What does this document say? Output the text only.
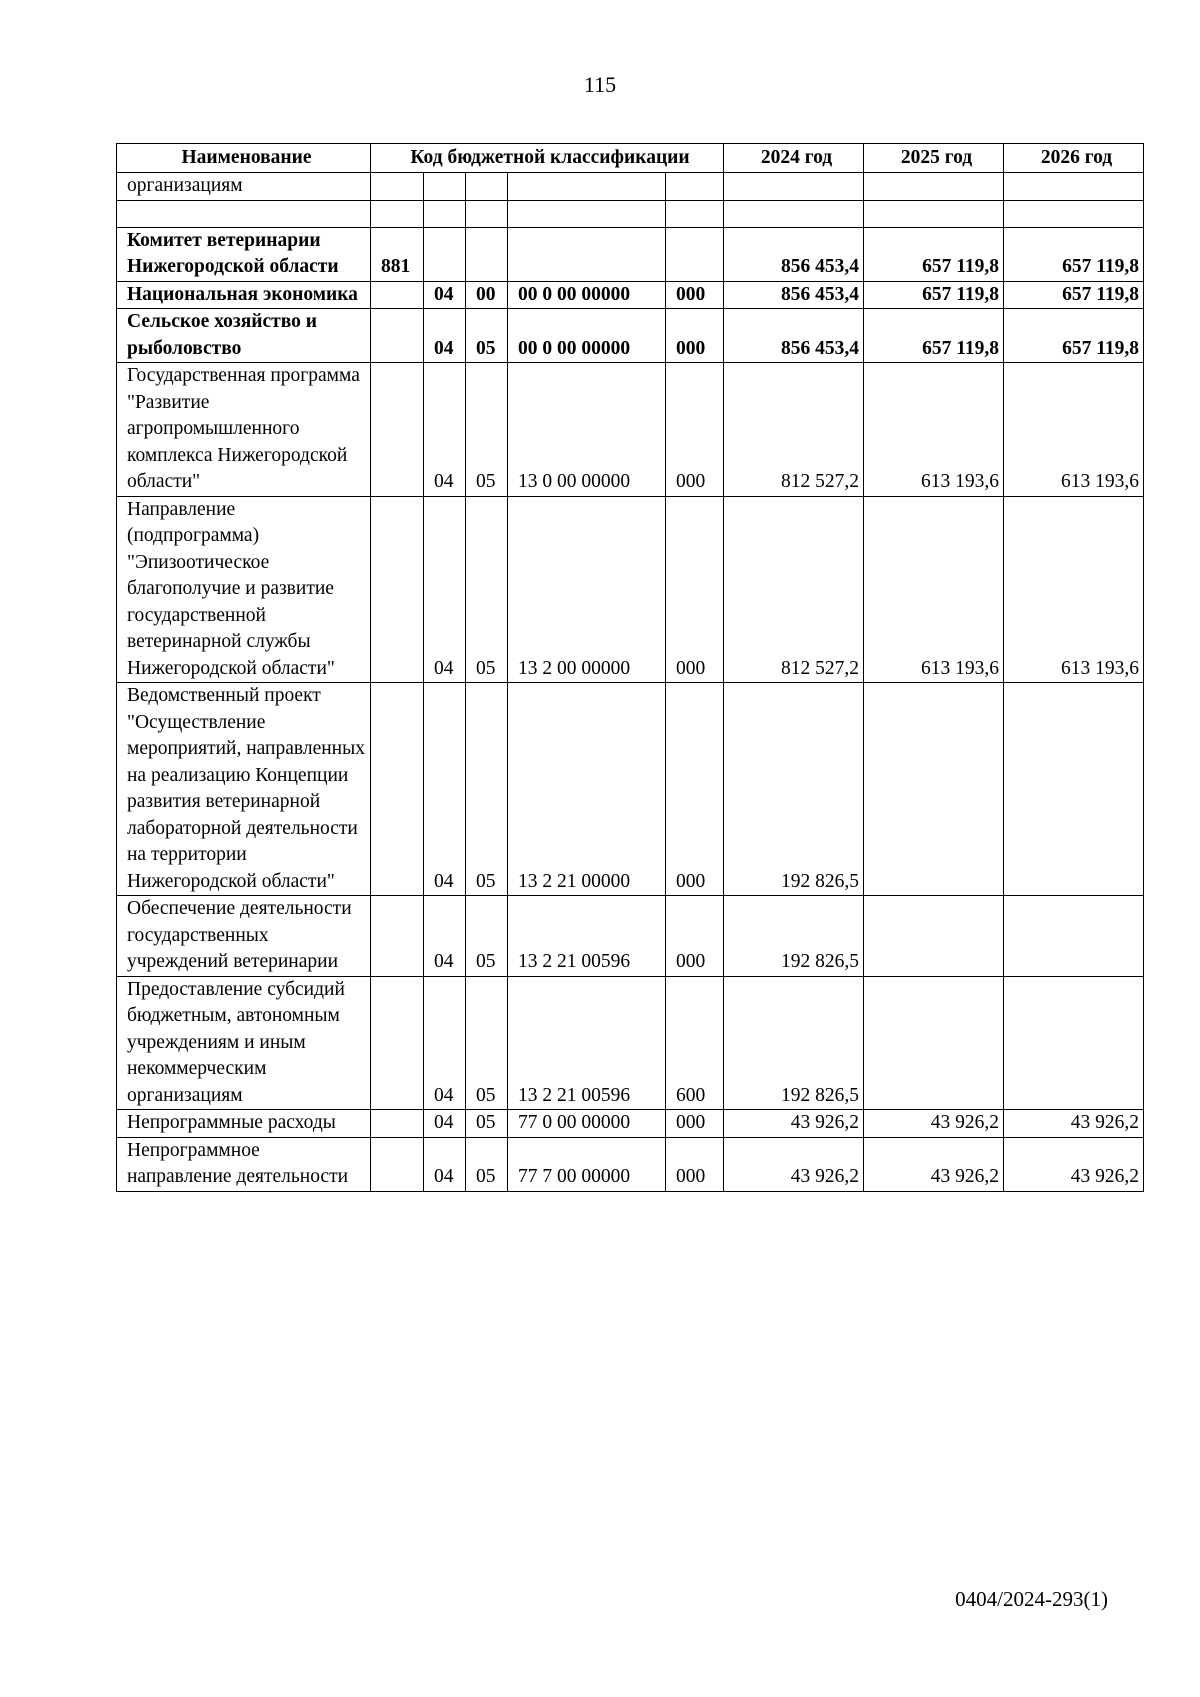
115
Наименование	Код бюджетной классификации					2024 год	2025 год	2026 год
организациям								

Комитет ветеринарии Нижегородской области	881					856 453,4	657 119,8	657 119,8
Национальная экономика		04	00	00 0 00 00000	000	856 453,4	657 119,8	657 119,8
Сельское хозяйство и рыболовство		04	05	00 0 00 00000	000	856 453,4	657 119,8	657 119,8
Государственная программа "Развитие агропромышленного комплекса Нижегородской области"		04	05	13 0 00 00000	000	812 527,2	613 193,6	613 193,6
Направление (подпрограмма) "Эпизоотическое благополучие и развитие государственной ветеринарной службы Нижегородской области"		04	05	13 2 00 00000	000	812 527,2	613 193,6	613 193,6
Ведомственный проект "Осуществление мероприятий, направленных на реализацию Концепции развития ветеринарной лабораторной деятельности на территории Нижегородской области"		04	05	13 2 21 00000	000	192 826,5		
Обеспечение деятельности государственных учреждений ветеринарии		04	05	13 2 21 00596	000	192 826,5		
Предоставление субсидий бюджетным, автономным учреждениям и иным некоммерческим организациям		04	05	13 2 21 00596	600	192 826,5		
Непрограммные расходы		04	05	77 0 00 00000	000	43 926,2	43 926,2	43 926,2
Непрограммное направление деятельности		04	05	77 7 00 00000	000	43 926,2	43 926,2	43 926,2
0404/2024-293(1)
